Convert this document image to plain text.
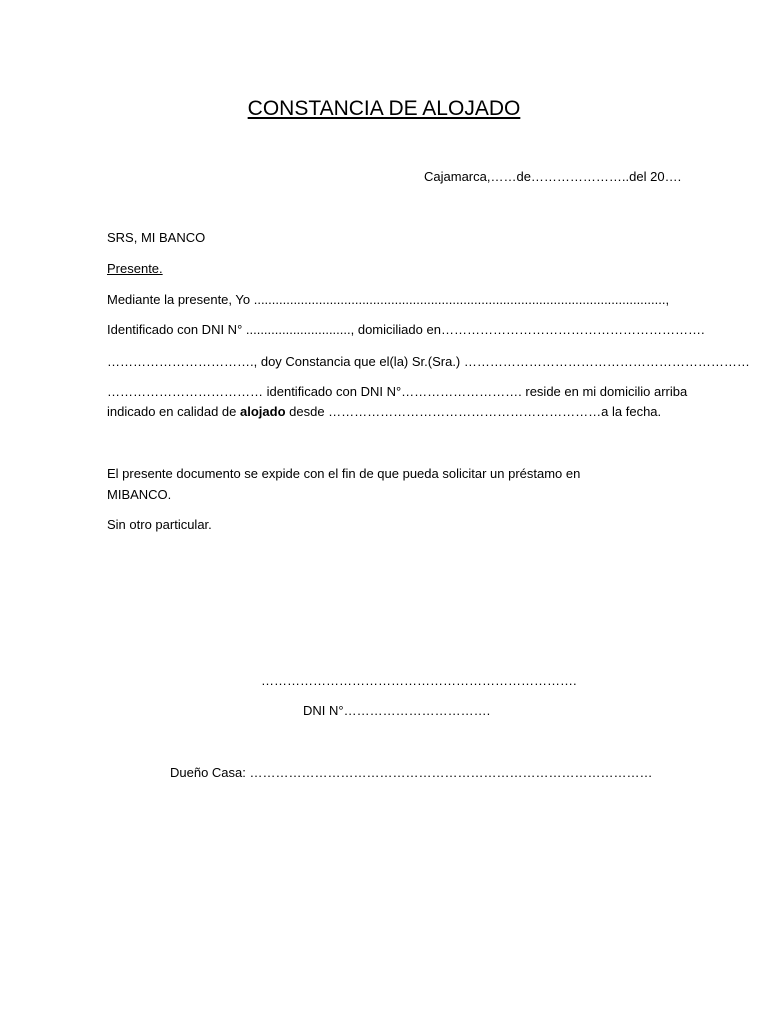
CONSTANCIA DE ALOJADO
Cajamarca,……de…………………..del 20….
SRS, MI BANCO
Presente.
Mediante la presente, Yo ..................................................................................................................,
Identificado con DNI N° ............................., domiciliado en…………………………………………………….
……………………………., doy Constancia que el(la) Sr.(Sra.) …………………………………………………………
……………………………… identificado con DNI N°………………………. reside en mi domicilio arriba
indicado en calidad de alojado desde ………………………………………………………a la fecha.
El presente documento se expide con el fin de que pueda solicitar un préstamo en
MIBANCO.
Sin otro particular.
……………………………………………………………….
DNI N°…………………………….
Dueño Casa: …………………………………………………………………………………
